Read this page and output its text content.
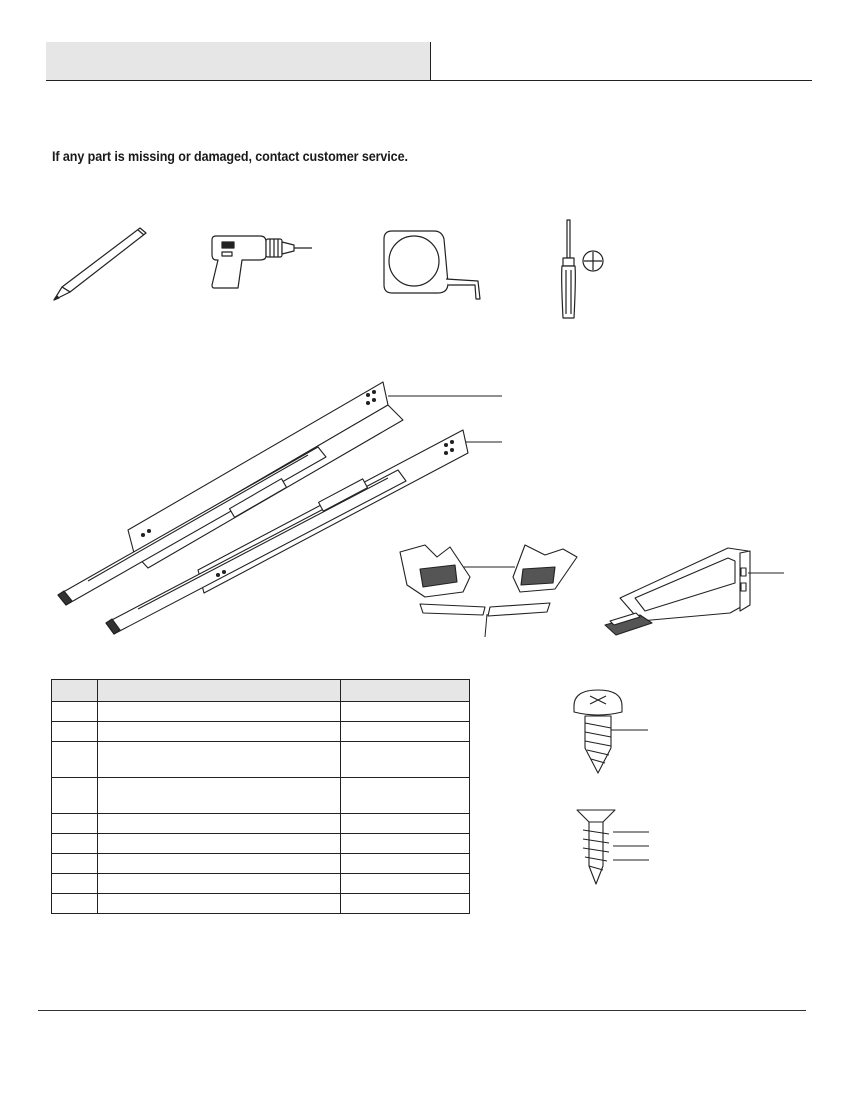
If any part is missing or damaged, contact customer service.
